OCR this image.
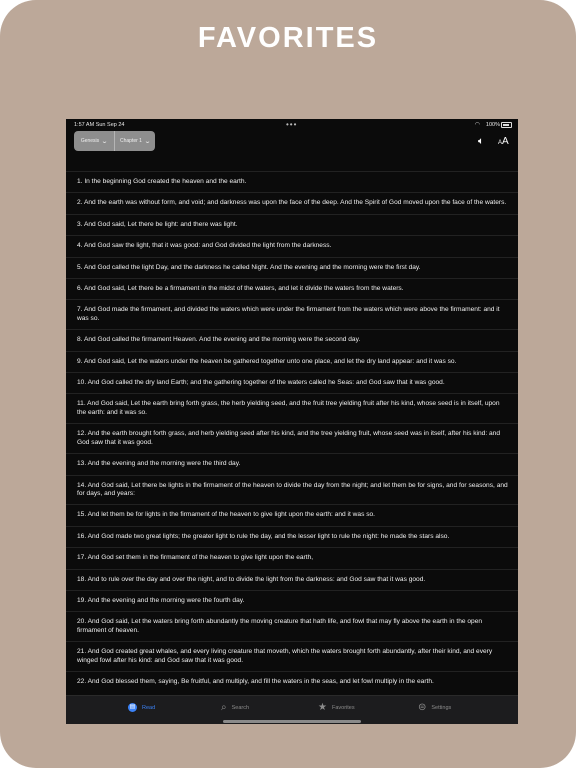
FAVORITES
1:57 AM Sun Sep 24	•••	◠ 100%
Genesis ⌄ Chapter 1 ⌄	🔈︎ AA
1. In the beginning God created the heaven and the earth.
2. And the earth was without form, and void; and darkness was upon the face of the deep. And the Spirit of God moved upon the face of the waters.
3. And God said, Let there be light: and there was light.
4. And God saw the light, that it was good: and God divided the light from the darkness.
5. And God called the light Day, and the darkness he called Night. And the evening and the morning were the first day.
6. And God said, Let there be a firmament in the midst of the waters, and let it divide the waters from the waters.
7. And God made the firmament, and divided the waters which were under the firmament from the waters which were above the firmament: and it was so.
8. And God called the firmament Heaven. And the evening and the morning were the second day.
9. And God said, Let the waters under the heaven be gathered together unto one place, and let the dry land appear: and it was so.
10. And God called the dry land Earth; and the gathering together of the waters called he Seas: and God saw that it was good.
11. And God said, Let the earth bring forth grass, the herb yielding seed, and the fruit tree yielding fruit after his kind, whose seed is in itself, upon the earth: and it was so.
12. And the earth brought forth grass, and herb yielding seed after his kind, and the tree yielding fruit, whose seed was in itself, after his kind: and God saw that it was good.
13. And the evening and the morning were the third day.
14. And God said, Let there be lights in the firmament of the heaven to divide the day from the night; and let them be for signs, and for seasons, and for days, and years:
15. And let them be for lights in the firmament of the heaven to give light upon the earth: and it was so.
16. And God made two great lights; the greater light to rule the day, and the lesser light to rule the night: he made the stars also.
17. And God set them in the firmament of the heaven to give light upon the earth,
18. And to rule over the day and over the night, and to divide the light from the darkness: and God saw that it was good.
19. And the evening and the morning were the fourth day.
20. And God said, Let the waters bring forth abundantly the moving creature that hath life, and fowl that may fly above the earth in the open firmament of heaven.
21. And God created great whales, and every living creature that moveth, which the waters brought forth abundantly, after their kind, and every winged fowl after his kind: and God saw that it was good.
22. And God blessed them, saying, Be fruitful, and multiply, and fill the waters in the seas, and let fowl multiply in the earth.
▤	Read	⌕ Search	★ Favorites	⊜ Settings
